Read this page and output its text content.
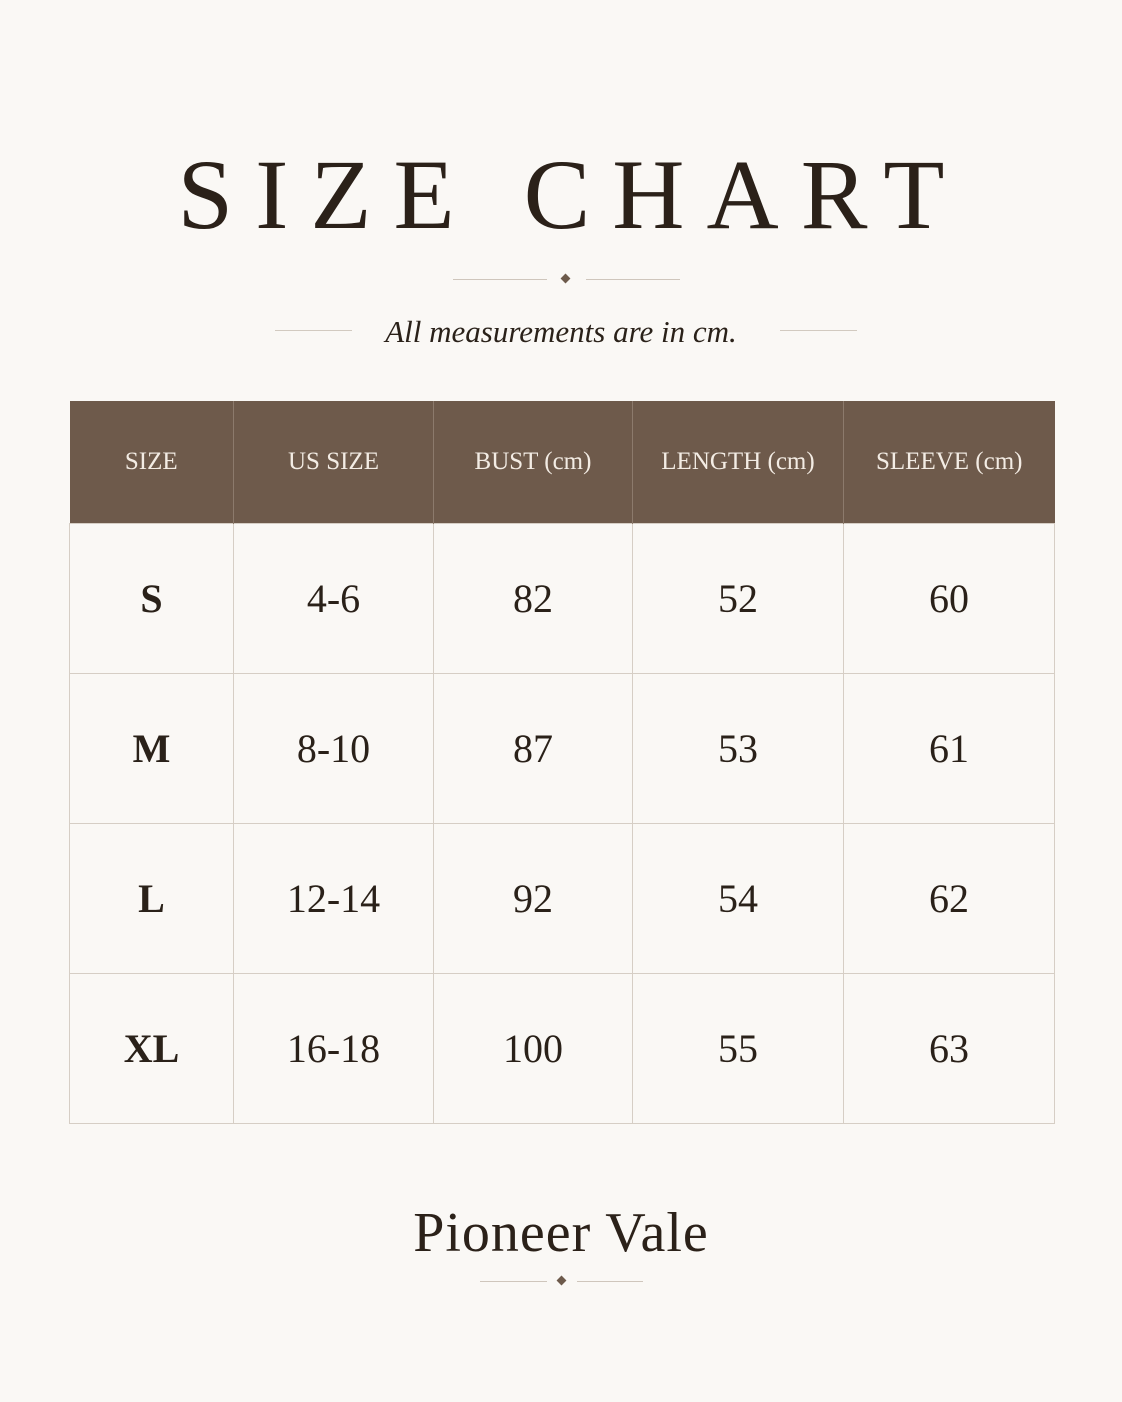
SIZE CHART
All measurements are in cm.
SIZE	US SIZE	BUST (cm)	LENGTH (cm)	SLEEVE (cm)
S	4-6	82	52	60
M	8-10	87	53	61
L	12-14	92	54	62
XL	16-18	100	55	63
Pioneer Vale
